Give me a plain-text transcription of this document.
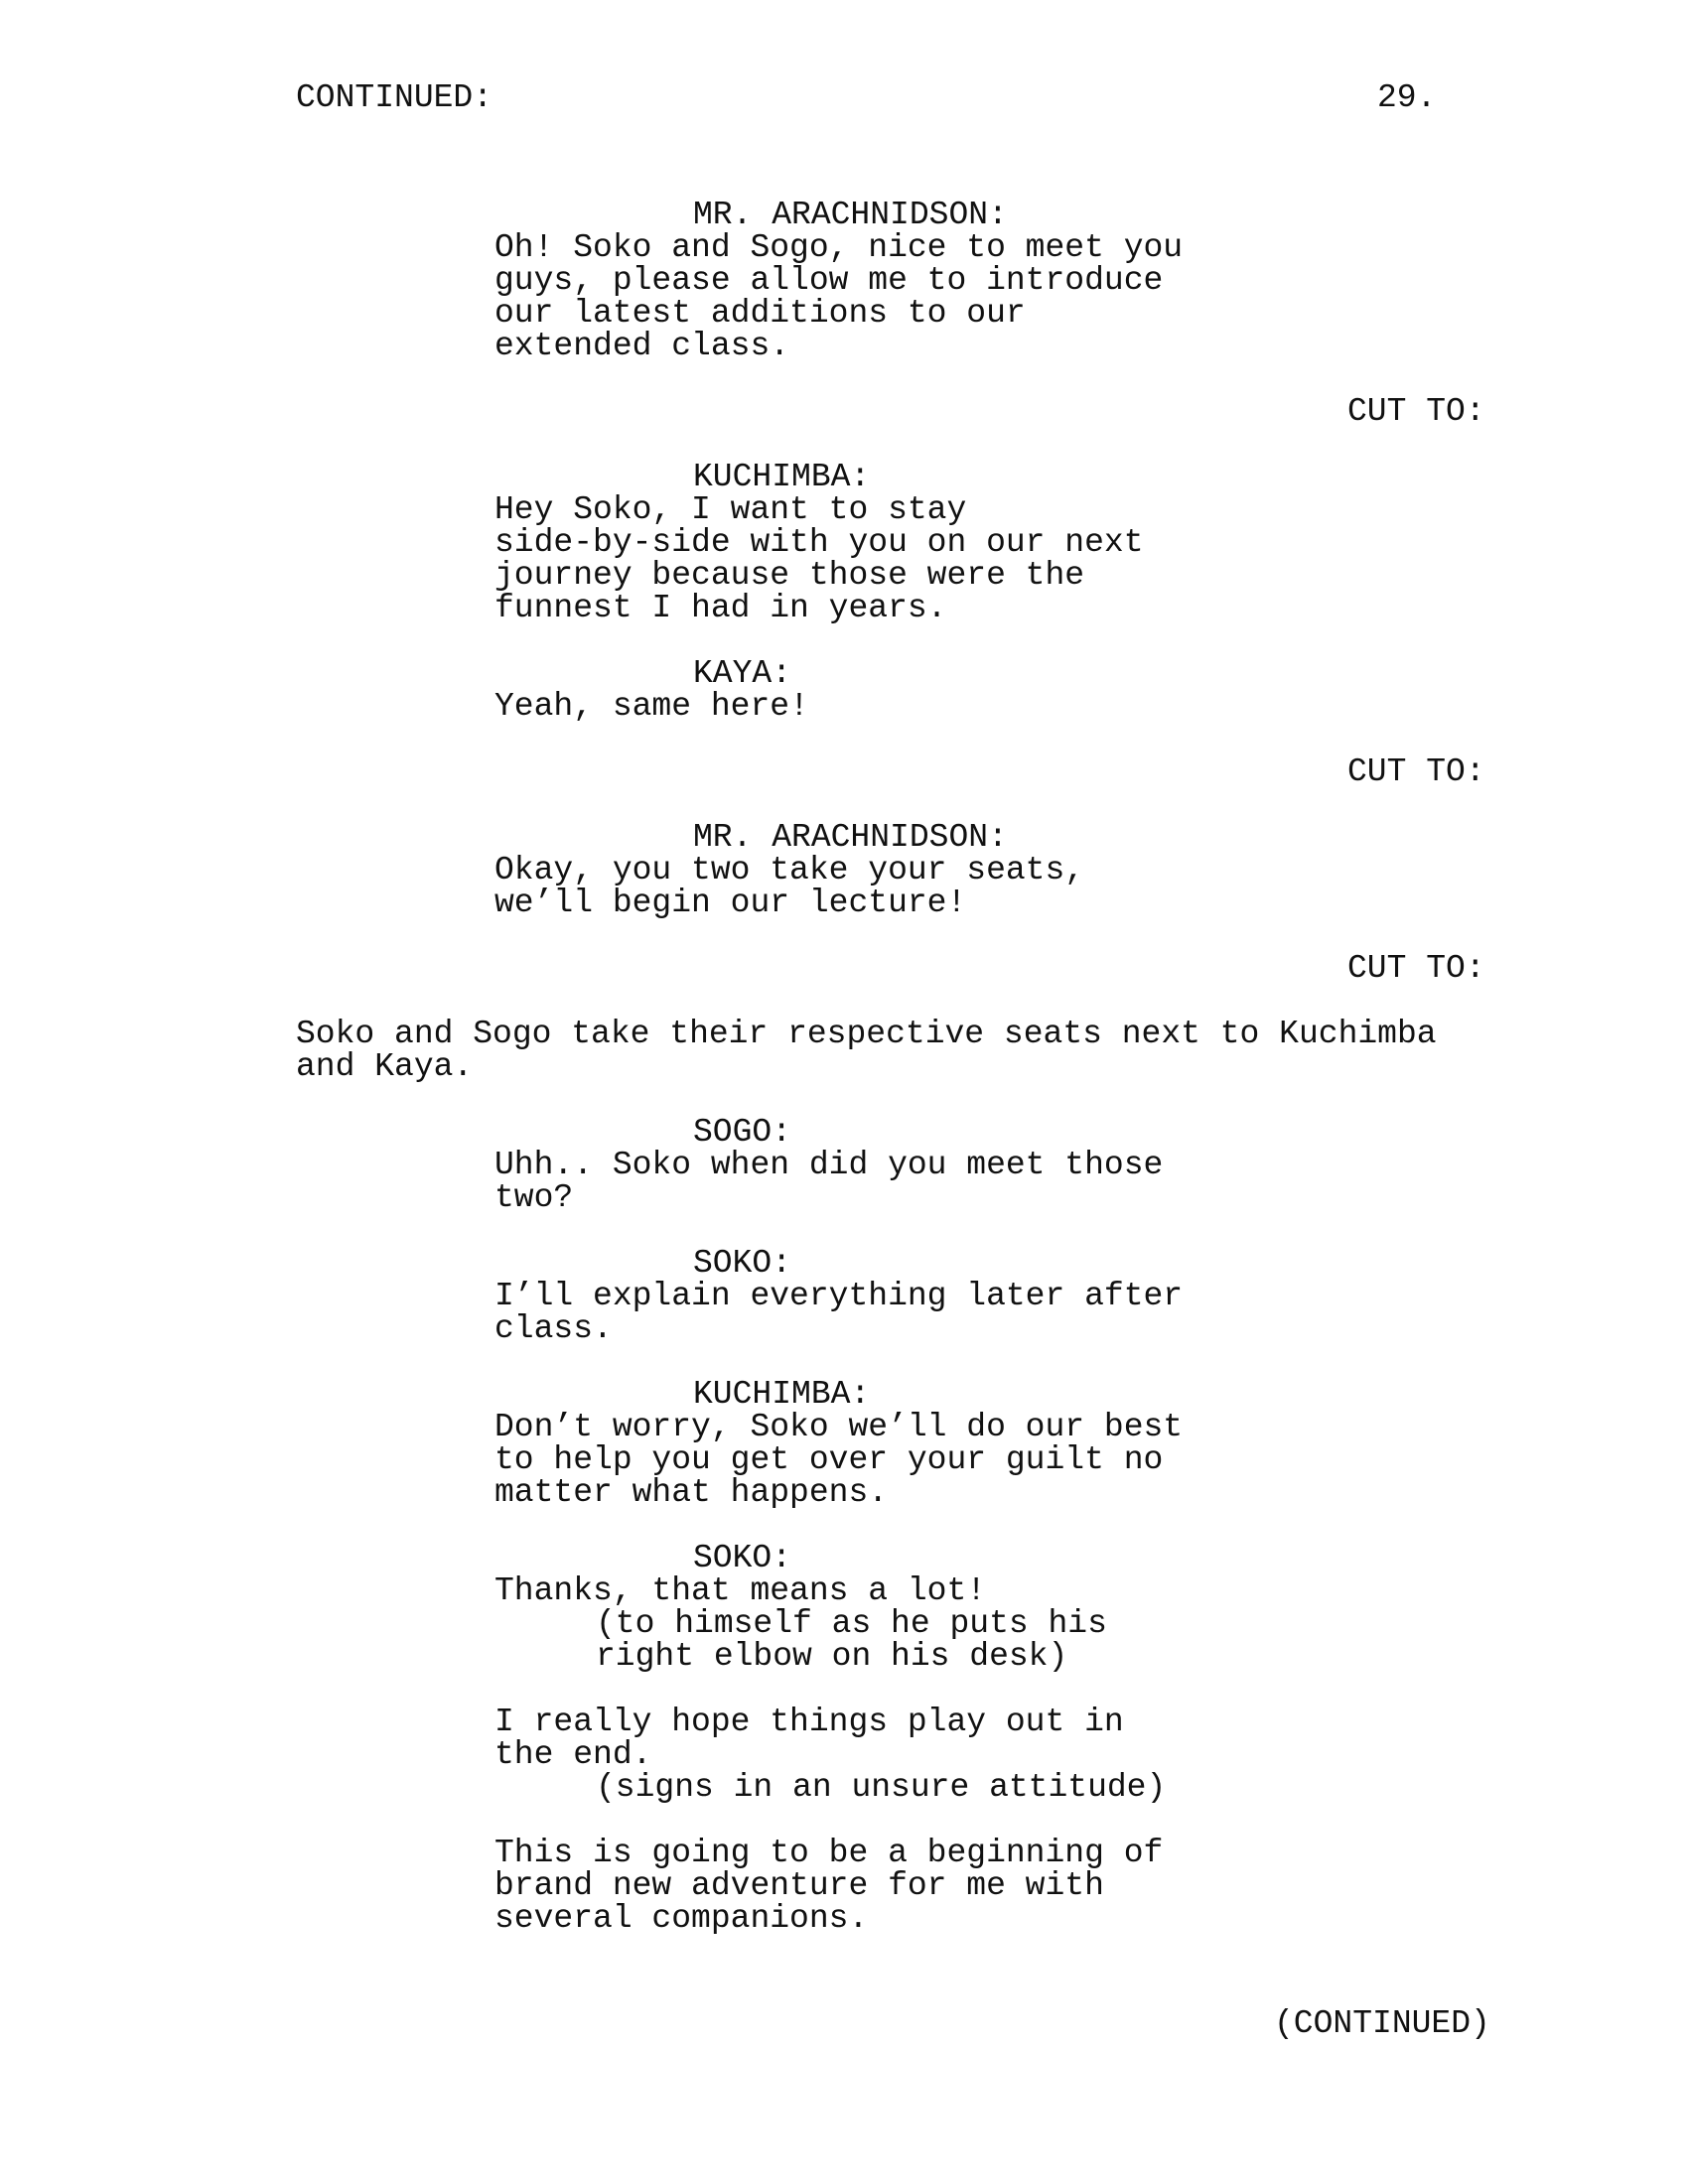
CONTINUED:	29.
MR. ARACHNIDSON:
Oh! Soko and Sogo, nice to meet you
guys, please allow me to introduce
our latest additions to our
extended class.
CUT TO:
KUCHIMBA:
Hey Soko, I want to stay
side-by-side with you on our next
journey because those were the
funnest I had in years.
KAYA:
Yeah, same here!
CUT TO:
MR. ARACHNIDSON:
Okay, you two take your seats,
we’ll begin our lecture!
CUT TO:
Soko and Sogo take their respective seats next to Kuchimba
and Kaya.
SOGO:
Uhh.. Soko when did you meet those
two?
SOKO:
I’ll explain everything later after
class.
KUCHIMBA:
Don’t worry, Soko we’ll do our best
to help you get over your guilt no
matter what happens.
SOKO:
Thanks, that means a lot!
(to himself as he puts his
right elbow on his desk)
I really hope things play out in
the end.
(signs in an unsure attitude)
This is going to be a beginning of
brand new adventure for me with
several companions.
(CONTINUED)
